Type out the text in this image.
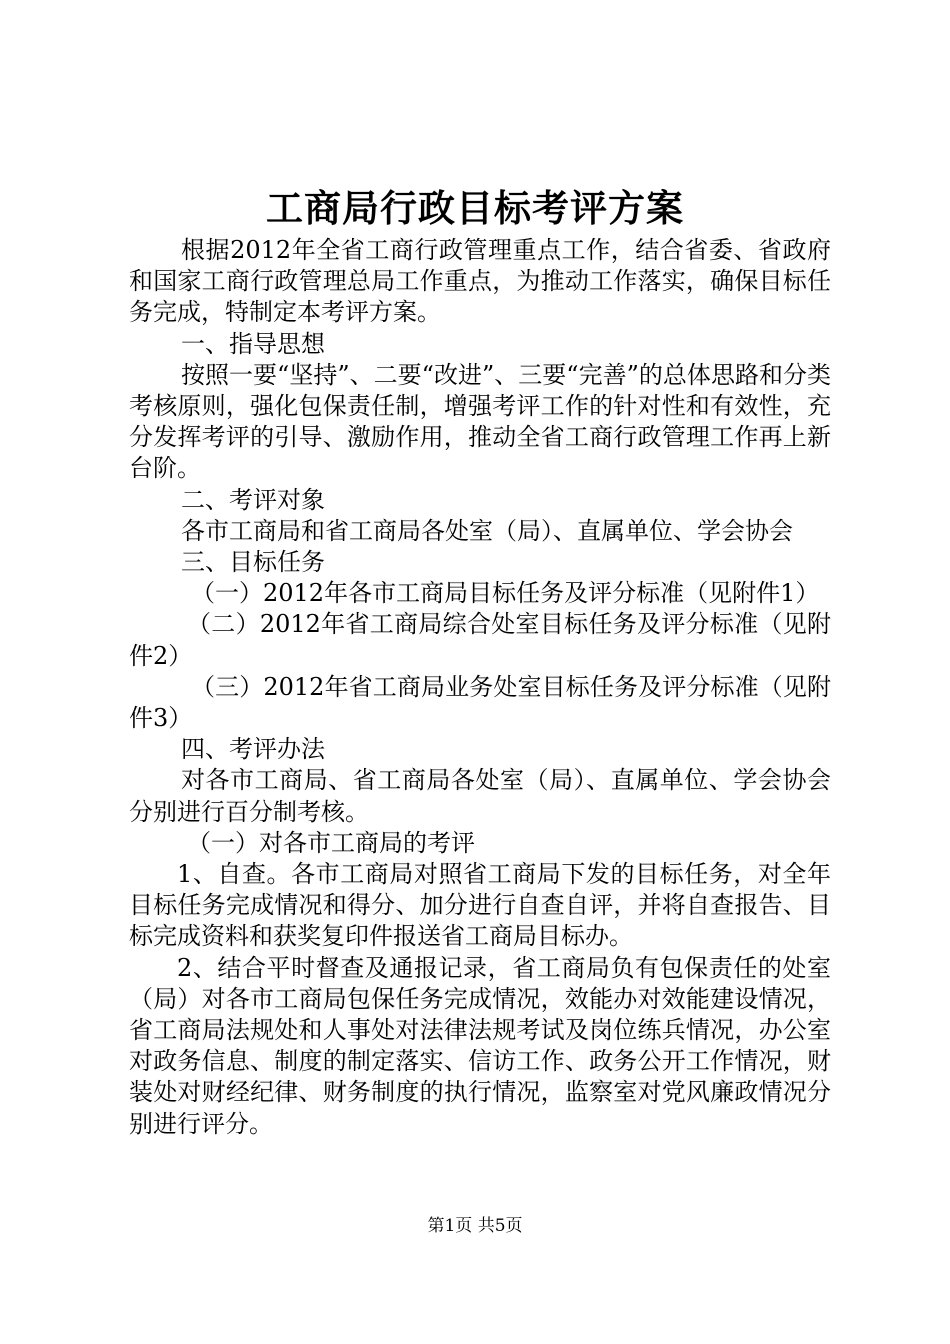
工商局行政目标考评方案

根据2012年全省工商行政管理重点工作，结合省委、省政府和国家工商行政管理总局工作重点，为推动工作落实，确保目标任务完成，特制定本考评方案。

一、指导思想

按照一要“坚持”、二要“改进”、三要“完善”的总体思路和分类考核原则，强化包保责任制，增强考评工作的针对性和有效性，充分发挥考评的引导、激励作用，推动全省工商行政管理工作再上新台阶。

二、考评对象

各市工商局和省工商局各处室（局）、直属单位、学会协会

三、目标任务

（一）2012年各市工商局目标任务及评分标准（见附件1）

（二）2012年省工商局综合处室目标任务及评分标准（见附件2）

（三）2012年省工商局业务处室目标任务及评分标准（见附件3）

四、考评办法

对各市工商局、省工商局各处室（局）、直属单位、学会协会分别进行百分制考核。

（一）对各市工商局的考评

1、自查。各市工商局对照省工商局下发的目标任务，对全年目标任务完成情况和得分、加分进行自查自评，并将自查报告、目标完成资料和获奖复印件报送省工商局目标办。

2、结合平时督查及通报记录，省工商局负有包保责任的处室（局）对各市工商局包保任务完成情况，效能办对效能建设情况，省工商局法规处和人事处对法律法规考试及岗位练兵情况，办公室对政务信息、制度的制定落实、信访工作、政务公开工作情况，财装处对财经纪律、财务制度的执行情况，监察室对党风廉政情况分别进行评分。

第1页 共5页
